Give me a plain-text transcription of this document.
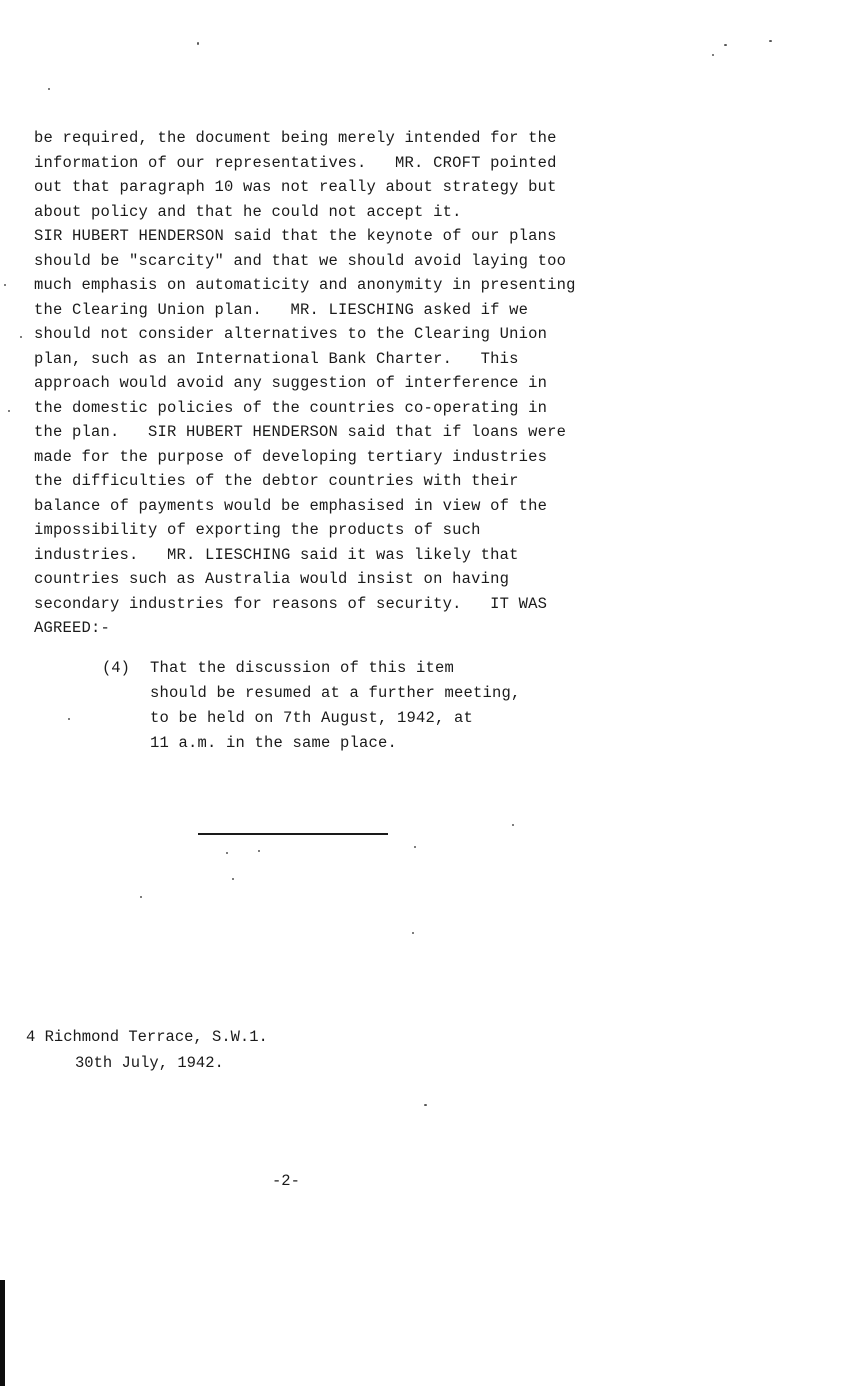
be required, the document being merely intended for the
information of our representatives.   MR. CROFT pointed
out that paragraph 10 was not really about strategy but
about policy and that he could not accept it.
SIR HUBERT HENDERSON said that the keynote of our plans
should be "scarcity" and that we should avoid laying too
much emphasis on automaticity and anonymity in presenting
the Clearing Union plan.   MR. LIESCHING asked if we
should not consider alternatives to the Clearing Union
plan, such as an International Bank Charter.   This
approach would avoid any suggestion of interference in
the domestic policies of the countries co-operating in
the plan.   SIR HUBERT HENDERSON said that if loans were
made for the purpose of developing tertiary industries
the difficulties of the debtor countries with their
balance of payments would be emphasised in view of the
impossibility of exporting the products of such
industries.   MR. LIESCHING said it was likely that
countries such as Australia would insist on having
secondary industries for reasons of security.   IT WAS
AGREED:-
(4) That the discussion of this item
should be resumed at a further meeting,
to be held on 7th August, 1942, at
11 a.m. in the same place.
4 Richmond Terrace, S.W.1.
30th July, 1942.
-2-
